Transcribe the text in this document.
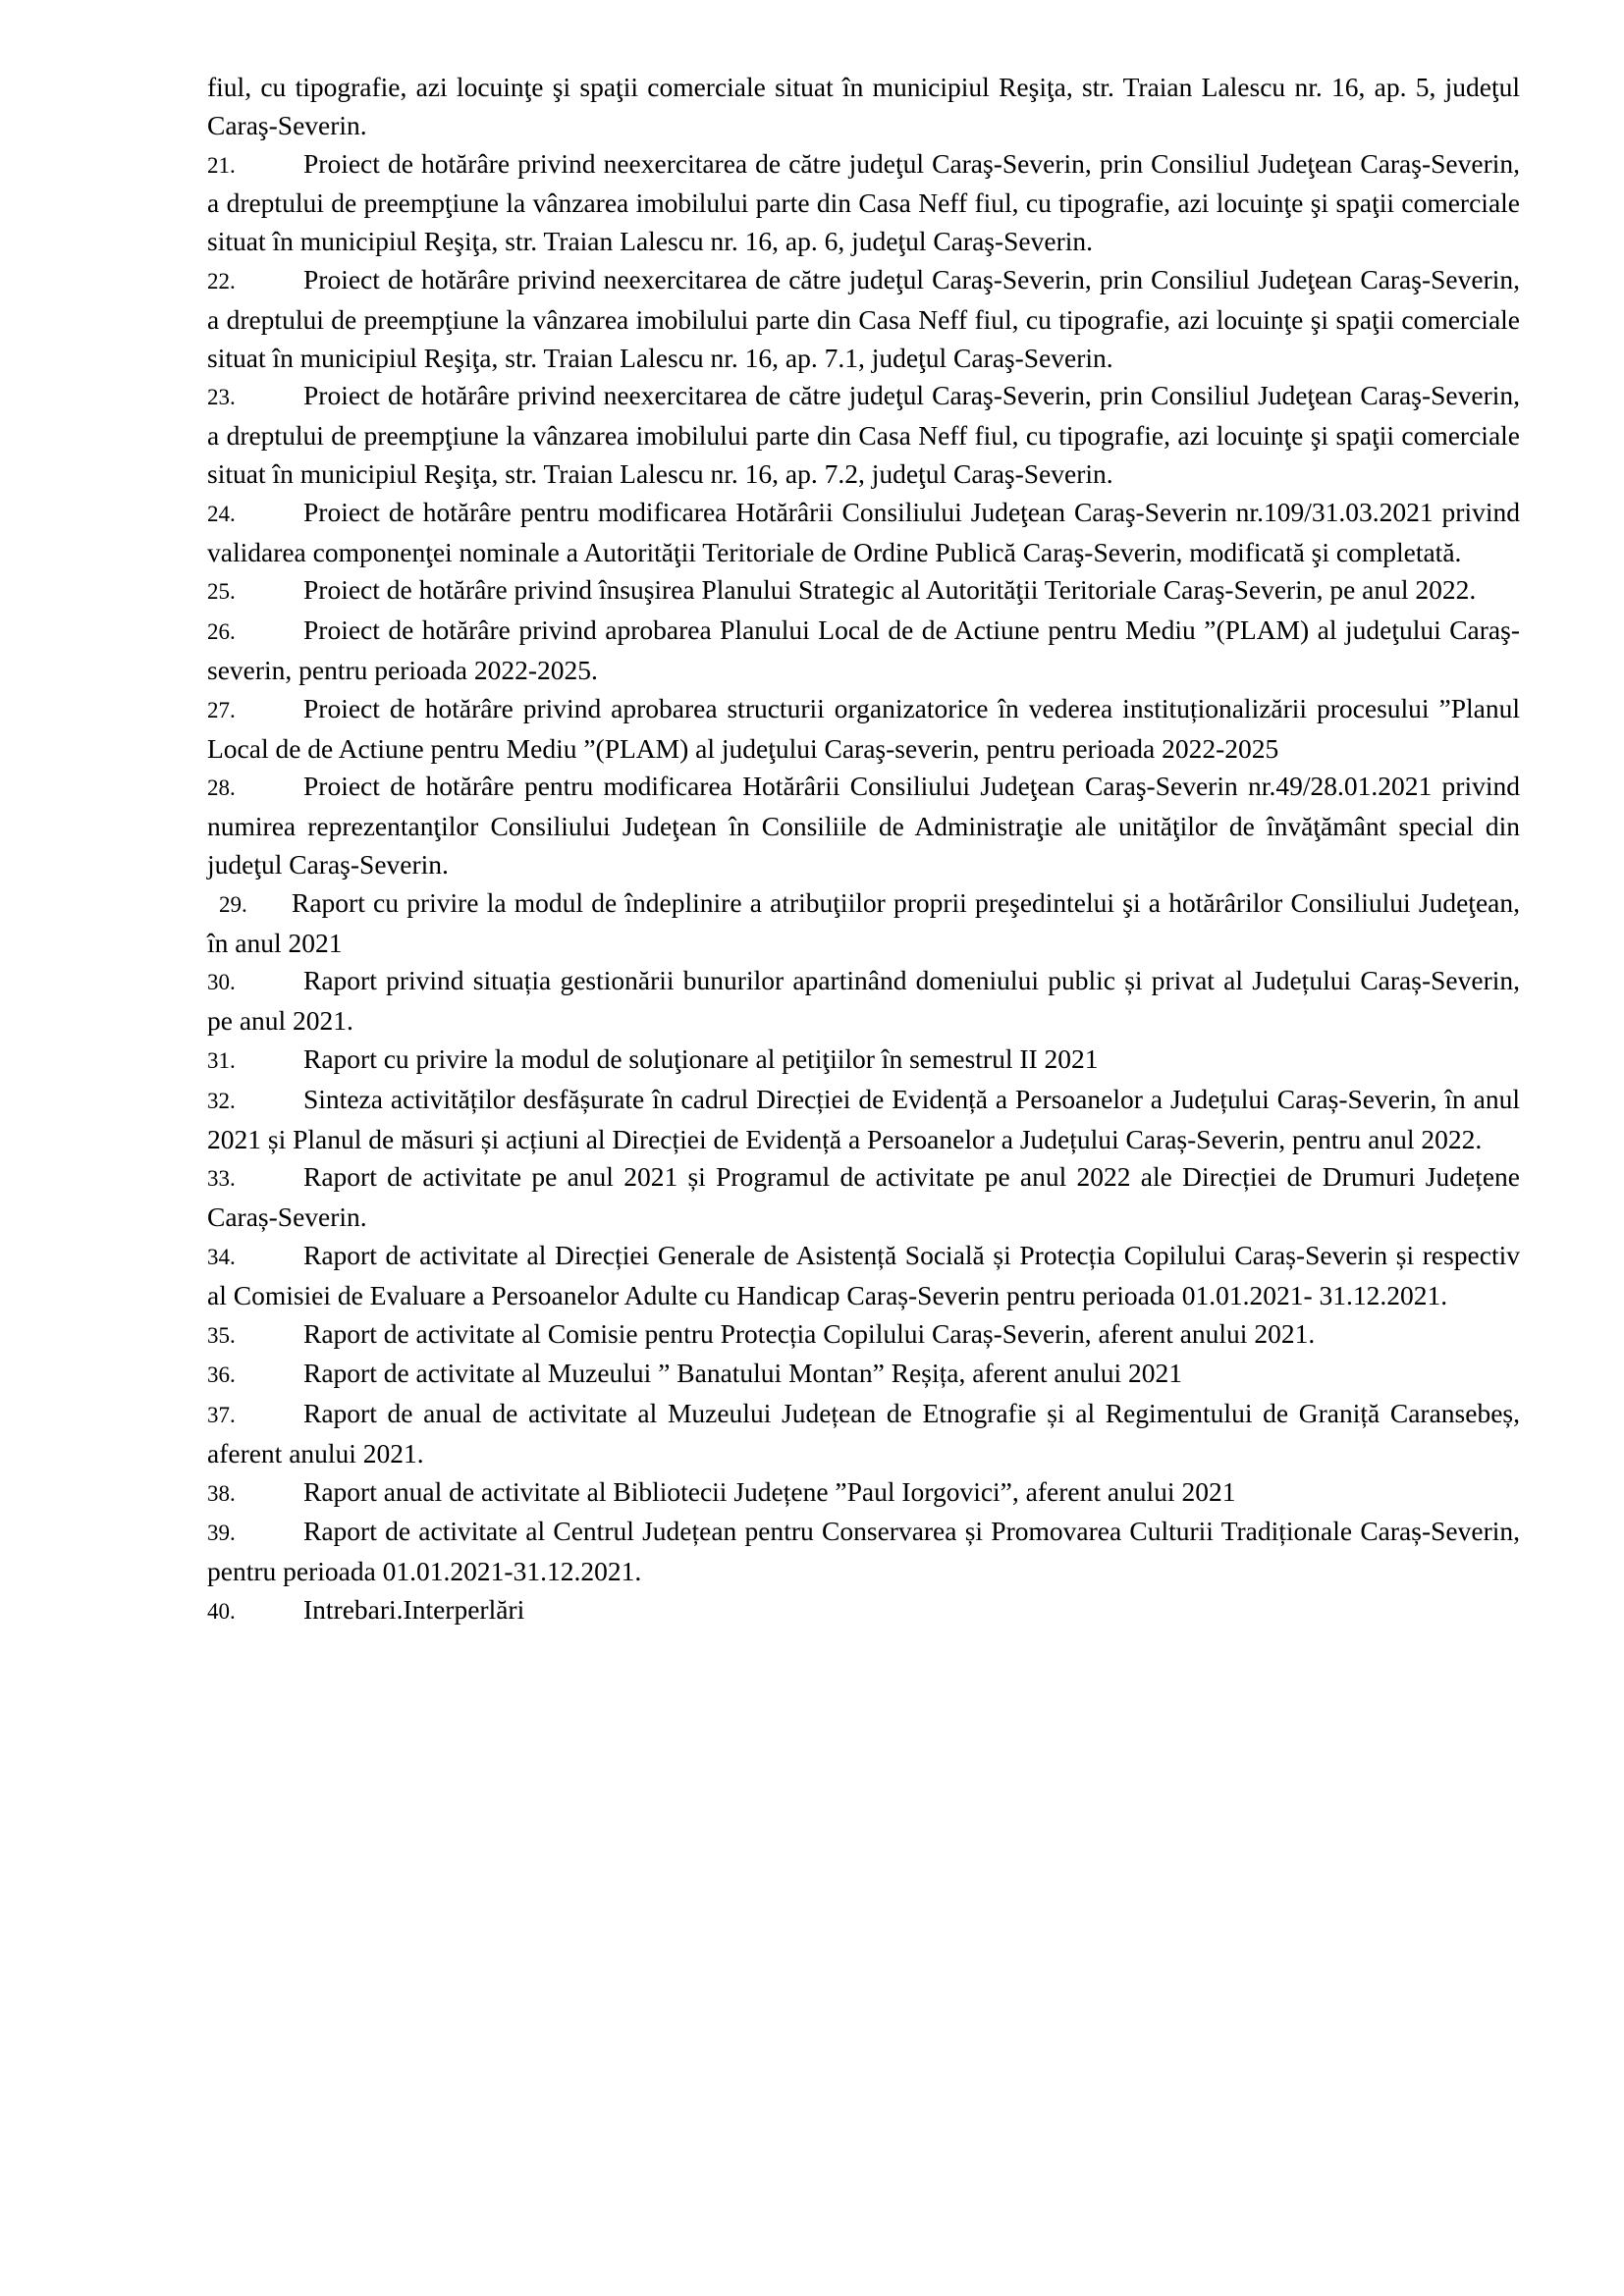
fiul, cu tipografie, azi locuinţe şi spaţii comerciale situat în municipiul Reşiţa, str. Traian Lalescu nr. 16, ap. 5, judeţul Caraş-Severin.

21.	Proiect de hotărâre privind neexercitarea de către judeţul Caraş-Severin, prin Consiliul Judeţean Caraş-Severin, a dreptului de preempţiune la vânzarea imobilului parte din Casa Neff fiul, cu tipografie, azi locuinţe şi spaţii comerciale situat în municipiul Reşiţa, str. Traian Lalescu nr. 16, ap. 6, judeţul Caraş-Severin.

22.	Proiect de hotărâre privind neexercitarea de către judeţul Caraş-Severin, prin Consiliul Judeţean Caraş-Severin, a dreptului de preempţiune la vânzarea imobilului parte din Casa Neff fiul, cu tipografie, azi locuinţe şi spaţii comerciale situat în municipiul Reşiţa, str. Traian Lalescu nr. 16, ap. 7.1, judeţul Caraş-Severin.

23.	Proiect de hotărâre privind neexercitarea de către judeţul Caraş-Severin, prin Consiliul Judeţean Caraş-Severin, a dreptului de preempţiune la vânzarea imobilului parte din Casa Neff fiul, cu tipografie, azi locuinţe şi spaţii comerciale situat în municipiul Reşiţa, str. Traian Lalescu nr. 16, ap. 7.2, judeţul Caraş-Severin.

24.	Proiect de hotărâre pentru modificarea Hotărârii Consiliului Judeţean Caraş-Severin nr.109/31.03.2021 privind validarea componenţei nominale a Autorităţii Teritoriale de Ordine Publică Caraş-Severin, modificată şi completată.

25.	Proiect de hotărâre privind însuşirea Planului Strategic al Autorităţii Teritoriale Caraş-Severin, pe anul 2022.

26.	Proiect de hotărâre privind aprobarea Planului Local de de Actiune pentru Mediu ”(PLAM) al judeţului Caraş-severin, pentru perioada 2022-2025.

27.	Proiect de hotărâre privind aprobarea structurii organizatorice în vederea instituționalizării procesului ”Planul Local de de Actiune pentru Mediu ”(PLAM) al judeţului Caraş-severin, pentru perioada 2022-2025

28.	Proiect de hotărâre pentru modificarea Hotărârii Consiliului Judeţean Caraş-Severin nr.49/28.01.2021 privind numirea reprezentanţilor Consiliului Judeţean în Consiliile de Administraţie ale unităţilor de învăţământ special din judeţul Caraş-Severin.

29. Raport cu privire la modul de îndeplinire a atribuţiilor proprii preşedintelui şi a hotărârilor Consiliului Judeţean, în anul 2021

30.	Raport privind situația gestionării bunurilor apartinând domeniului public și privat al Județului Caraș-Severin, pe anul 2021.

31.	Raport cu privire la modul de soluţionare al petiţiilor în semestrul II 2021

32.	Sinteza activităților desfășurate în cadrul Direcției de Evidență a Persoanelor a Județului Caraș-Severin, în anul 2021 și Planul de măsuri și acțiuni al Direcției de Evidență a Persoanelor a Județului Caraș-Severin, pentru anul 2022.

33.	Raport de activitate pe anul 2021 și Programul de activitate pe anul 2022 ale Direcției de Drumuri Județene Caraș-Severin.

34.	Raport de activitate al Direcției Generale de Asistență Socială și Protecția Copilului Caraș-Severin și respectiv al Comisiei de Evaluare a Persoanelor Adulte cu Handicap Caraș-Severin pentru perioada 01.01.2021- 31.12.2021.

35.	Raport de activitate al Comisie pentru Protecția Copilului Caraș-Severin, aferent anului 2021.

36.	Raport de activitate al Muzeului ” Banatului Montan” Reșița, aferent anului 2021

37.	Raport de anual de activitate al Muzeului Județean de Etnografie și al Regimentului de Graniță Caransebeș, aferent anului 2021.

38.	Raport anual de activitate al Bibliotecii Județene ”Paul Iorgovici”, aferent anului 2021

39.	Raport de activitate al Centrul Județean pentru Conservarea și Promovarea Culturii Tradiționale Caraș-Severin, pentru perioada 01.01.2021-31.12.2021.

40.	Intrebari.Interperlări
